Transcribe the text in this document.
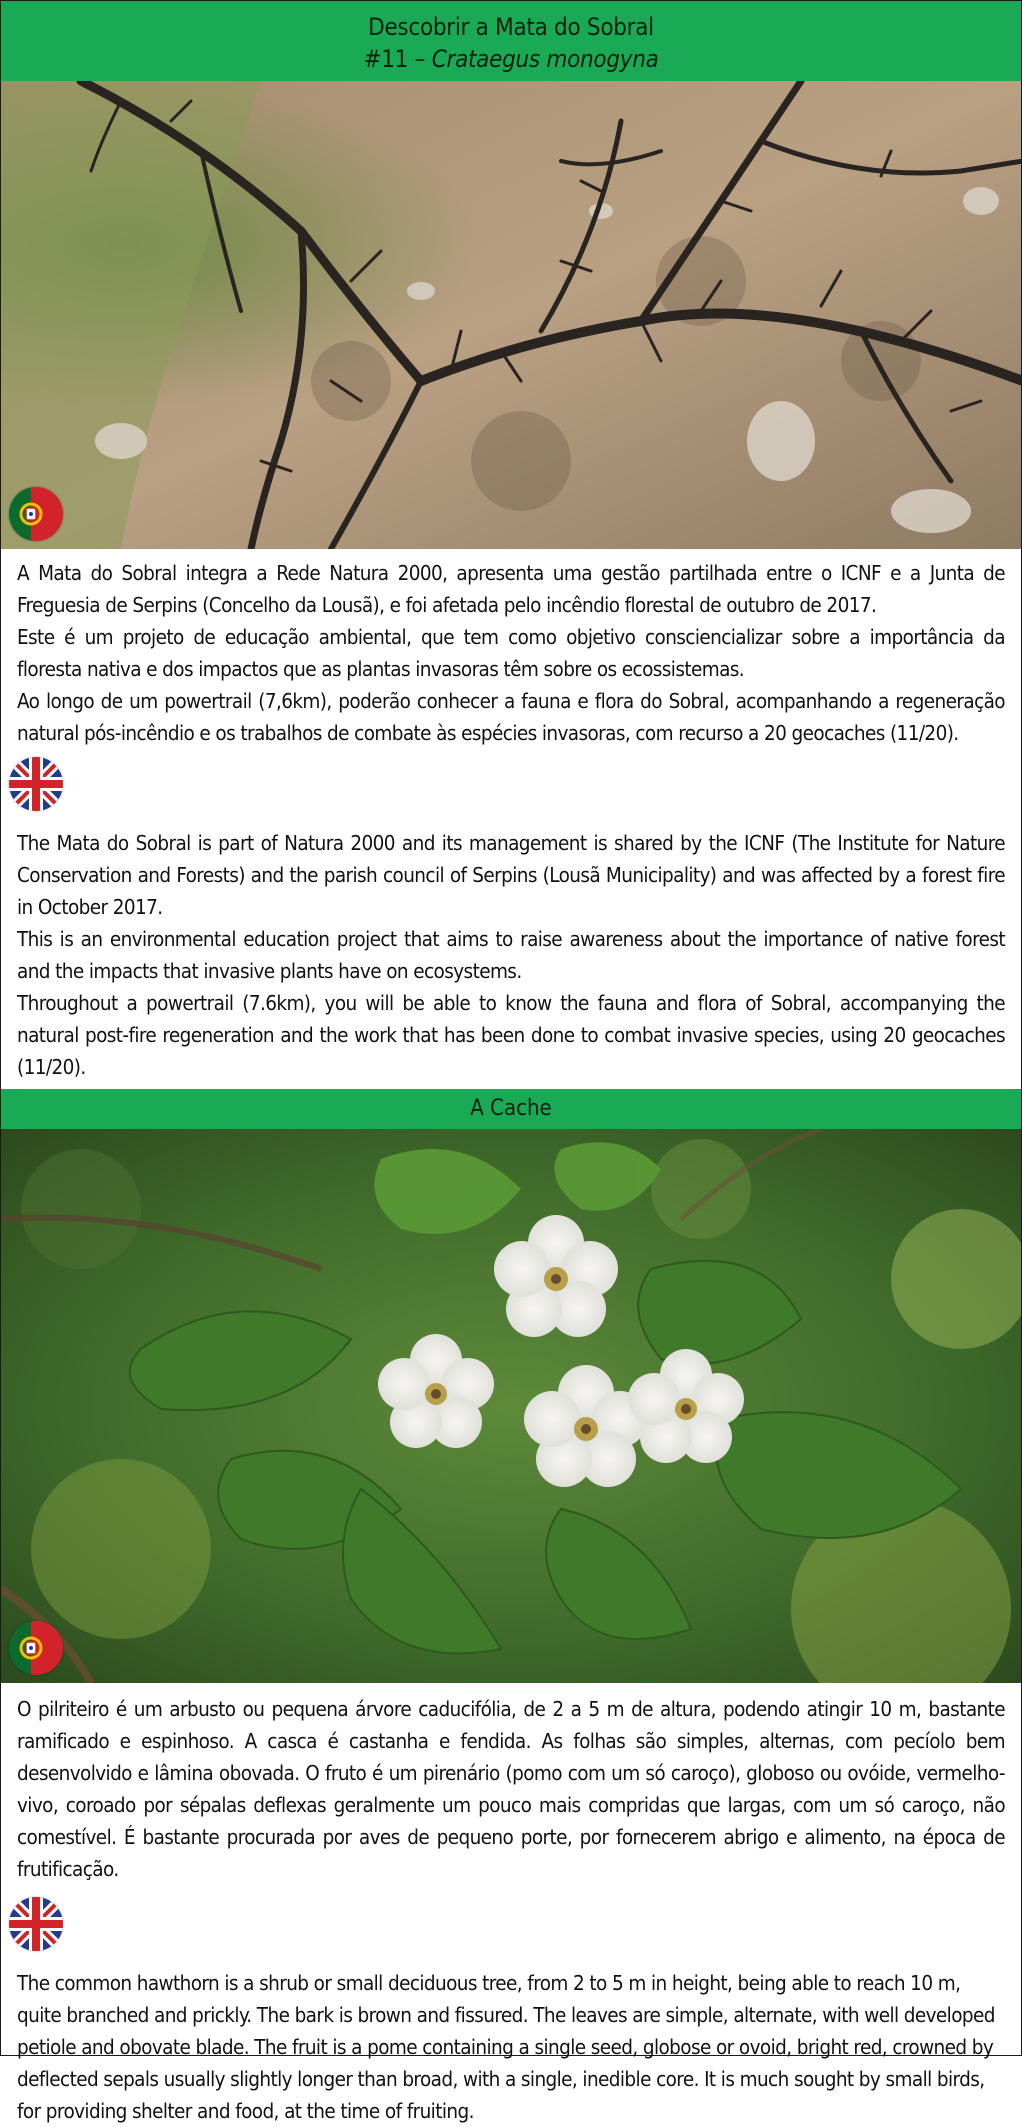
Descobrir a Mata do Sobral
#11 – Crataegus monogyna

A Mata do Sobral integra a Rede Natura 2000, apresenta uma gestão partilhada entre o ICNF e a Junta de Freguesia de Serpins (Concelho da Lousã), e foi afetada pelo incêndio florestal de outubro de 2017.

Este é um projeto de educação ambiental, que tem como objetivo consciencializar sobre a importância da floresta nativa e dos impactos que as plantas invasoras têm sobre os ecossistemas.

Ao longo de um powertrail (7,6km), poderão conhecer a fauna e flora do Sobral, acompanhando a regeneração natural pós-incêndio e os trabalhos de combate às espécies invasoras, com recurso a 20 geocaches (11/20).

The Mata do Sobral is part of Natura 2000 and its management is shared by the ICNF (The Institute for Nature Conservation and Forests) and the parish council of Serpins (Lousã Municipality) and was affected by a forest fire in October 2017.

This is an environmental education project that aims to raise awareness about the importance of native forest and the impacts that invasive plants have on ecosystems.

Throughout a powertrail (7.6km), you will be able to know the fauna and flora of Sobral, accompanying the natural post-fire regeneration and the work that has been done to combat invasive species, using 20 geocaches (11/20).

A Cache

O pilriteiro é um arbusto ou pequena árvore caducifólia, de 2 a 5 m de altura, podendo atingir 10 m, bastante ramificado e espinhoso. A casca é castanha e fendida. As folhas são simples, alternas, com pecíolo bem desenvolvido e lâmina obovada. O fruto é um pirenário (pomo com um só caroço), globoso ou ovóide, vermelho-vivo, coroado por sépalas deflexas geralmente um pouco mais compridas que largas, com um só caroço, não comestível. É bastante procurada por aves de pequeno porte, por fornecerem abrigo e alimento, na época de frutificação.

The common hawthorn is a shrub or small deciduous tree, from 2 to 5 m in height, being able to reach 10 m, quite branched and prickly. The bark is brown and fissured. The leaves are simple, alternate, with well developed petiole and obovate blade. The fruit is a pome containing a single seed, globose or ovoid, bright red, crowned by deflected sepals usually slightly longer than broad, with a single, inedible core. It is much sought by small birds, for providing shelter and food, at the time of fruiting.
